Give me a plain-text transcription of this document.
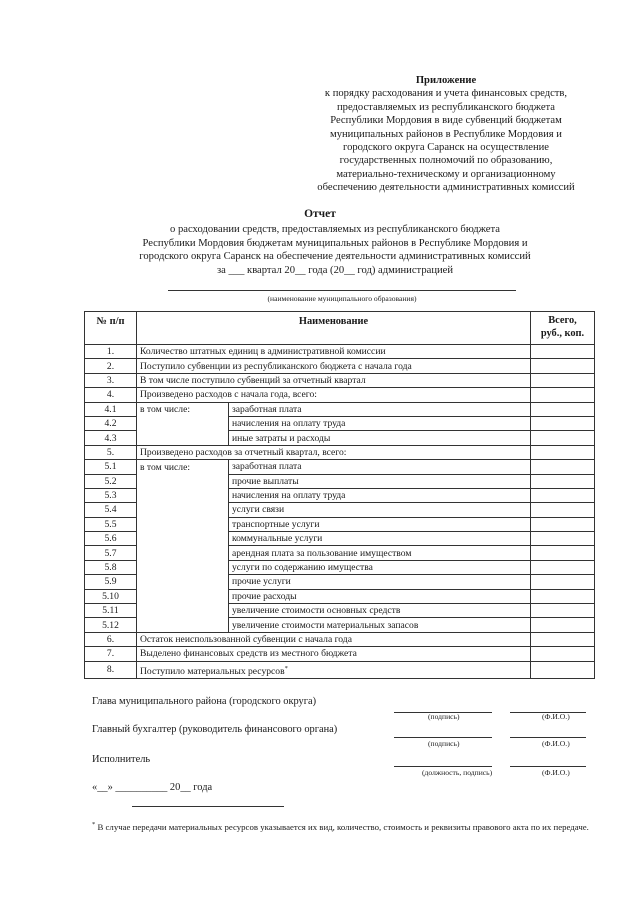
Приложение
к порядку расходования и учета финансовых средств,
предоставляемых из республиканского бюджета
Республики Мордовия в виде субвенций бюджетам
муниципальных районов в Республике Мордовия и
городского округа Саранск на осуществление
государственных полномочий по образованию,
материально-техническому и организационному
обеспечению деятельности административных комиссий
Отчет
о расходовании средств, предоставляемых из республиканского бюджета
Республики Мордовия бюджетам муниципальных районов в Республике Мордовия и
городского округа Саранск на обеспечение деятельности административных комиссий
за ___ квартал 20__ года (20__ год) администрацией
(наименование муниципального образования)
№ п/п	Наименование		Всего,
руб., коп.

1.	Количество штатных единиц в административной комиссии		
2.	Поступило субвенции из республиканского бюджета с начала года		
3.	В том числе поступило субвенций за отчетный квартал		
4.	Произведено расходов с начала года, всего:		
4.1	в том числе:	заработная плата	
4.2		начисления на оплату труда	
4.3		иные затраты и расходы	
5.	Произведено расходов за отчетный квартал, всего:		
5.1	в том числе:	заработная плата	
5.2		прочие выплаты	
5.3		начисления на оплату труда	
5.4		услуги связи	
5.5		транспортные услуги	
5.6		коммунальные услуги	
5.7		арендная плата за пользование имуществом	
5.8		услуги по содержанию имущества	
5.9		прочие услуги	
5.10		прочие расходы	
5.11		увеличение стоимости основных средств	
5.12		увеличение стоимости материальных запасов	
6.	Остаток неиспользованной субвенции с начала года		
7.	Выделено финансовых средств из местного бюджета		
8.	Поступило материальных ресурсов*	
Глава муниципального района (городского округа)
(подпись)	(Ф.И.О.)
Главный бухгалтер (руководитель финансового органа)
(подпись)	(Ф.И.О.)
Исполнитель
(должность, подпись)	(Ф.И.О.)
«__» __________ 20__ года
* В случае передачи материальных ресурсов указывается их вид, количество, стоимость и реквизиты правового акта по их передаче.
